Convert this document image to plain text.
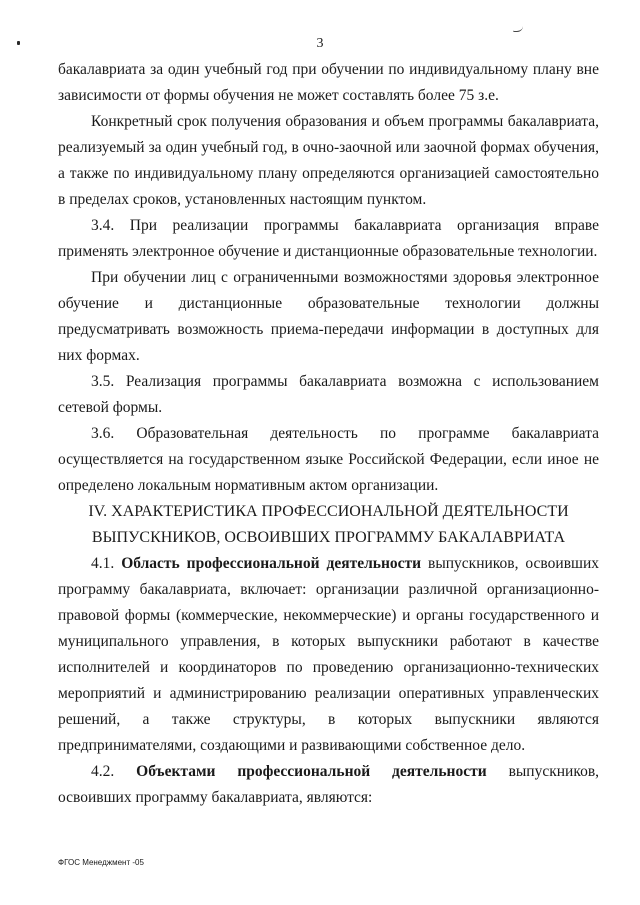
3

бакалавриата за один учебный год при обучении по индивидуальному плану вне зависимости от формы обучения не может составлять более 75 з.е.

Конкретный срок получения образования и объем программы бакалавриата, реализуемый за один учебный год, в очно-заочной или заочной формах обучения, а также по индивидуальному плану определяются организацией самостоятельно в пределах сроков, установленных настоящим пунктом.

3.4. При реализации программы бакалавриата организация вправе применять электронное обучение и дистанционные образовательные технологии.

При обучении лиц с ограниченными возможностями здоровья электронное обучение и дистанционные образовательные технологии должны предусматривать возможность приема-передачи информации в доступных для них формах.

3.5. Реализация программы бакалавриата возможна с использованием сетевой формы.

3.6. Образовательная деятельность по программе бакалавриата осуществляется на государственном языке Российской Федерации, если иное не определено локальным нормативным актом организации.

IV. ХАРАКТЕРИСТИКА ПРОФЕССИОНАЛЬНОЙ ДЕЯТЕЛЬНОСТИ
ВЫПУСКНИКОВ, ОСВОИВШИХ ПРОГРАММУ БАКАЛАВРИАТА

4.1. Область профессиональной деятельности выпускников, освоивших программу бакалавриата, включает: организации различной организационно-правовой формы (коммерческие, некоммерческие) и органы государственного и муниципального управления, в которых выпускники работают в качестве исполнителей и координаторов по проведению организационно-технических мероприятий и администрированию реализации оперативных управленческих решений, а также структуры, в которых выпускники являются предпринимателями, создающими и развивающими собственное дело.

4.2. Объектами профессиональной деятельности выпускников, освоивших программу бакалавриата, являются:

ФГОС Менеджмент -05
